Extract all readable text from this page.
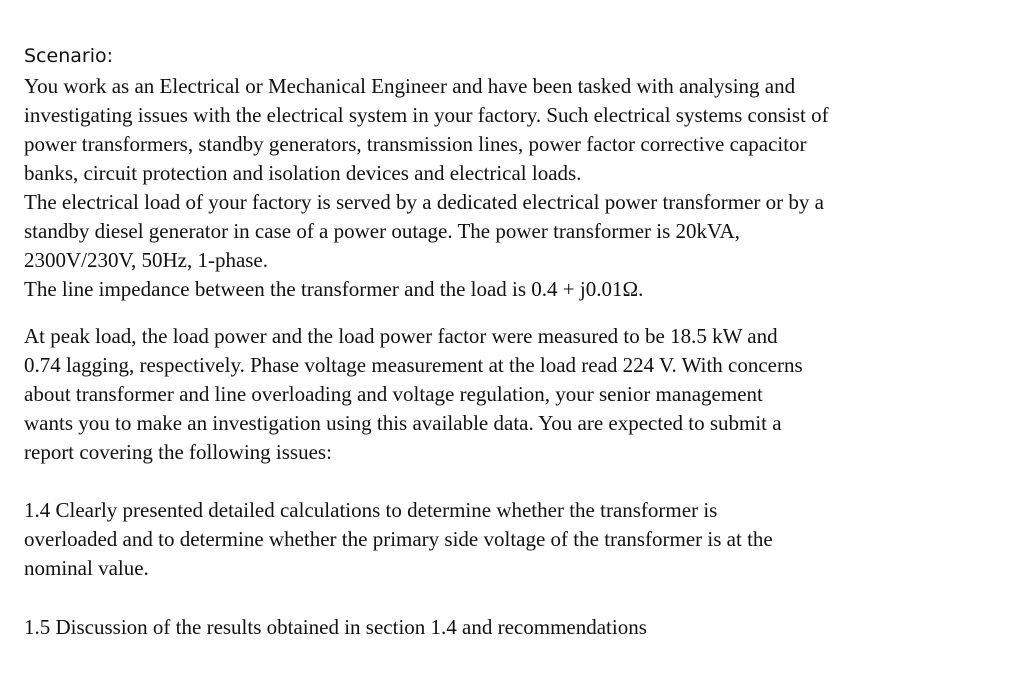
Scenario:
You work as an Electrical or Mechanical Engineer and have been tasked with analysing and
investigating issues with the electrical system in your factory. Such electrical systems consist of
power transformers, standby generators, transmission lines, power factor corrective capacitor
banks, circuit protection and isolation devices and electrical loads.
The electrical load of your factory is served by a dedicated electrical power transformer or by a
standby diesel generator in case of a power outage. The power transformer is 20kVA,
2300V/230V, 50Hz, 1-phase.
The line impedance between the transformer and the load is 0.4 + j0.01Ω.
At peak load, the load power and the load power factor were measured to be 18.5 kW and
0.74 lagging, respectively. Phase voltage measurement at the load read 224 V. With concerns
about transformer and line overloading and voltage regulation, your senior management
wants you to make an investigation using this available data. You are expected to submit a
report covering the following issues:
1.4 Clearly presented detailed calculations to determine whether the transformer is
overloaded and to determine whether the primary side voltage of the transformer is at the
nominal value.
1.5 Discussion of the results obtained in section 1.4 and recommendations
